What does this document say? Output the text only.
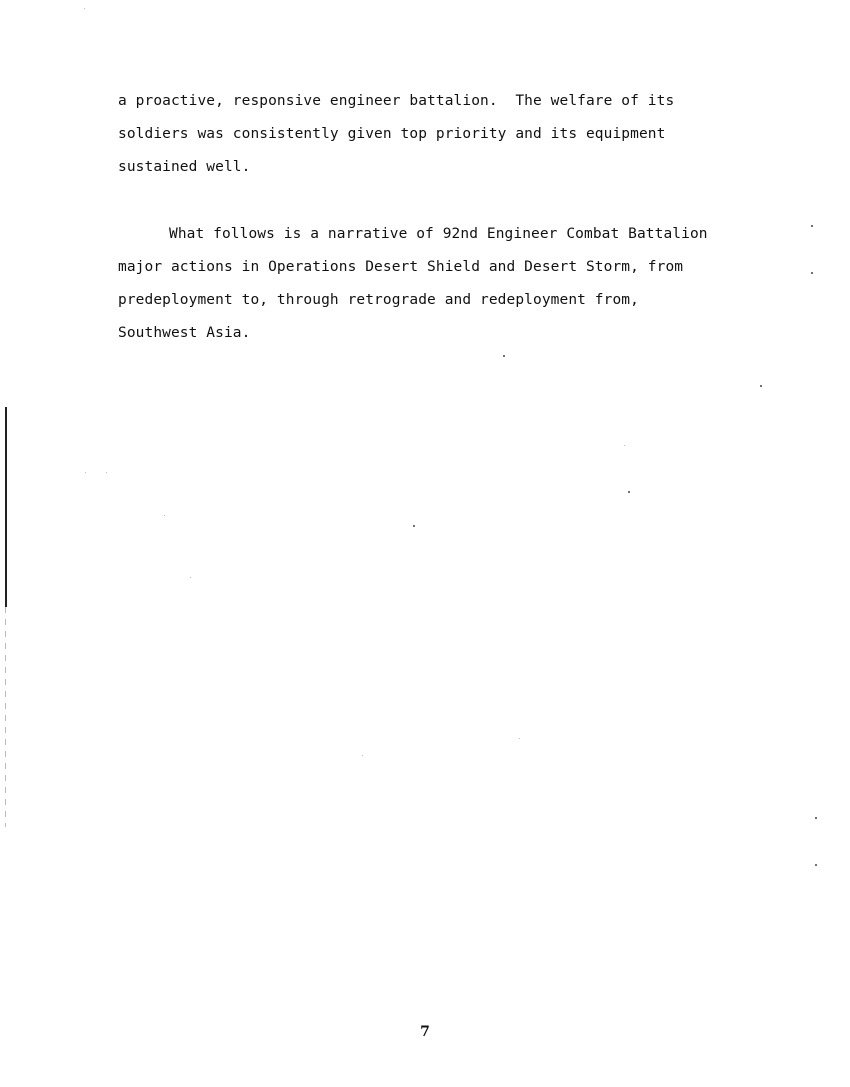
a proactive, responsive engineer battalion.  The welfare of its
soldiers was consistently given top priority and its equipment
sustained well.
What follows is a narrative of 92nd Engineer Combat Battalion
major actions in Operations Desert Shield and Desert Storm, from
predeployment to, through retrograde and redeployment from,
Southwest Asia.
7
